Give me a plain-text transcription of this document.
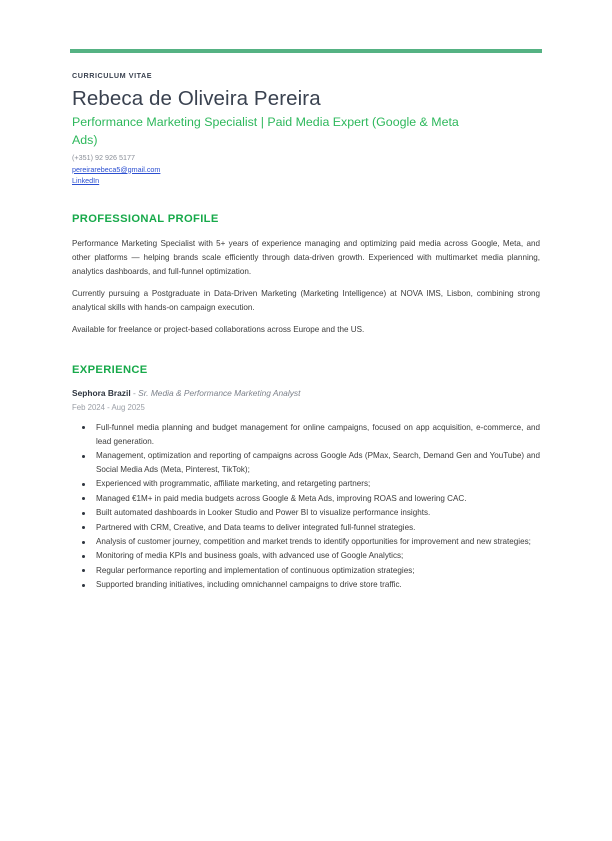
CURRICULUM VITAE
Rebeca de Oliveira Pereira
Performance Marketing Specialist | Paid Media Expert (Google & Meta Ads)
(+351) 92 926 5177
pereirarebeca5@gmail.com
LinkedIn
PROFESSIONAL PROFILE

Performance Marketing Specialist with 5+ years of experience managing and optimizing paid media across Google, Meta, and other platforms — helping brands scale efficiently through data-driven growth. Experienced with multimarket media planning, analytics dashboards, and full-funnel optimization.

Currently pursuing a Postgraduate in Data-Driven Marketing (Marketing Intelligence) at NOVA IMS, Lisbon, combining strong analytical skills with hands-on campaign execution.

Available for freelance or project-based collaborations across Europe and the US.

EXPERIENCE
Sephora Brazil - Sr. Media & Performance Marketing Analyst
Feb 2024 - Aug 2025
Full-funnel media planning and budget management for online campaigns, focused on app acquisition, e-commerce, and lead generation.
Management, optimization and reporting of campaigns across Google Ads (PMax, Search, Demand Gen and YouTube) and Social Media Ads (Meta, Pinterest, TikTok);
Experienced with programmatic, affiliate marketing, and retargeting partners;
Managed €1M+ in paid media budgets across Google & Meta Ads, improving ROAS and lowering CAC.
Built automated dashboards in Looker Studio and Power BI to visualize performance insights.
Partnered with CRM, Creative, and Data teams to deliver integrated full-funnel strategies.
Analysis of customer journey, competition and market trends to identify opportunities for improvement and new strategies;
Monitoring of media KPIs and business goals, with advanced use of Google Analytics;
Regular performance reporting and implementation of continuous optimization strategies;
Supported branding initiatives, including omnichannel campaigns to drive store traffic.
